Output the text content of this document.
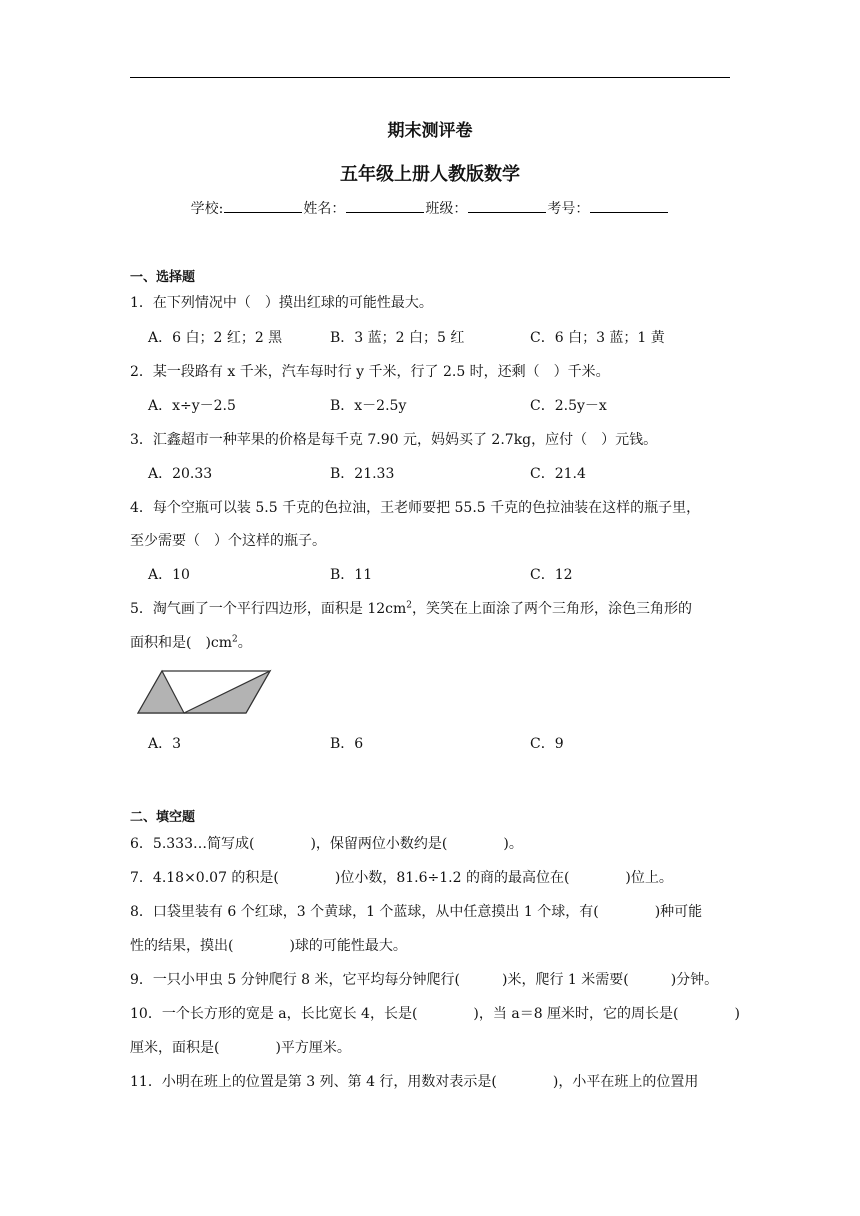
期末测评卷
五年级上册人教版数学
学校:	姓名：	班级：	考号：
一、选择题
1．在下列情况中（　）摸出红球的可能性最大。
A．6 白；2 红；2 黑	B．3 蓝；2 白；5 红	C．6 白；3 蓝；1 黄
2．某一段路有 x 千米，汽车每时行 y 千米，行了 2.5 时，还剩（　）千米。
A．x÷y－2.5	B．x－2.5y	C．2.5y－x
3．汇鑫超市一种苹果的价格是每千克 7.90 元，妈妈买了 2.7kg，应付（　）元钱。
A．20.33	B．21.33	C．21.4
4．每个空瓶可以装 5.5 千克的色拉油，王老师要把 55.5 千克的色拉油装在这样的瓶子里，
至少需要（　）个这样的瓶子。
A．10	B．11	C．12
5．淘气画了一个平行四边形，面积是 $12cm^2$，笑笑在上面涂了两个三角形，涂色三角形的
面积和是(　)$cm^2$。
A．3	B．6	C．9
二、填空题
6．5.333…简写成(　　　　)，保留两位小数约是(　　　　)。
7．4.18×0.07 的积是(　　　　)位小数，81.6÷1.2 的商的最高位在(　　　　)位上。
8．口袋里装有 6 个红球，3 个黄球，1 个蓝球，从中任意摸出 1 个球，有(　　　　)种可能
性的结果，摸出(　　　　)球的可能性最大。
9．一只小甲虫 5 分钟爬行 8 米，它平均每分钟爬行(　　　)米，爬行 1 米需要(　　　)分钟。
10．一个长方形的宽是 a，长比宽长 4，长是(　　　　)，当 a＝8 厘米时，它的周长是(　　　　)
厘米，面积是(　　　　)平方厘米。
11．小明在班上的位置是第 3 列、第 4 行，用数对表示是(　　　　)，小平在班上的位置用
